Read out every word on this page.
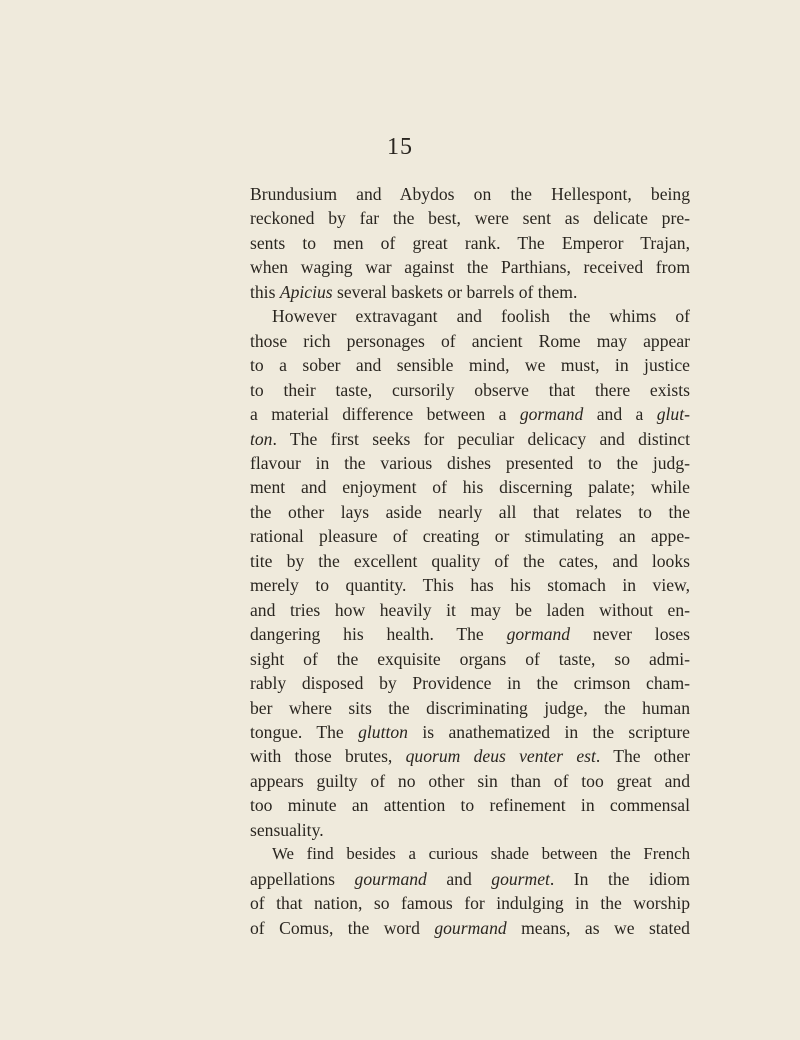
15
Brundusium and Abydos on the Hellespont, being
reckoned by far the best, were sent as delicate pre-
sents to men of great rank. The Emperor Trajan,
when waging war against the Parthians, received from
this Apicius several baskets or barrels of them.
However extravagant and foolish the whims of
those rich personages of ancient Rome may appear
to a sober and sensible mind, we must, in justice
to their taste, cursorily observe that there exists
a material difference between a gormand and a glut-
ton. The first seeks for peculiar delicacy and distinct
flavour in the various dishes presented to the judg-
ment and enjoyment of his discerning palate; while
the other lays aside nearly all that relates to the
rational pleasure of creating or stimulating an appe-
tite by the excellent quality of the cates, and looks
merely to quantity. This has his stomach in view,
and tries how heavily it may be laden without en-
dangering his health. The gormand never loses
sight of the exquisite organs of taste, so admi-
rably disposed by Providence in the crimson cham-
ber where sits the discriminating judge, the human
tongue. The glutton is anathematized in the scripture
with those brutes, quorum deus venter est. The other
appears guilty of no other sin than of too great and
too minute an attention to refinement in commensal
sensuality.
We find besides a curious shade between the French
appellations gourmand and gourmet. In the idiom
of that nation, so famous for indulging in the worship
of Comus, the word gourmand means, as we stated
